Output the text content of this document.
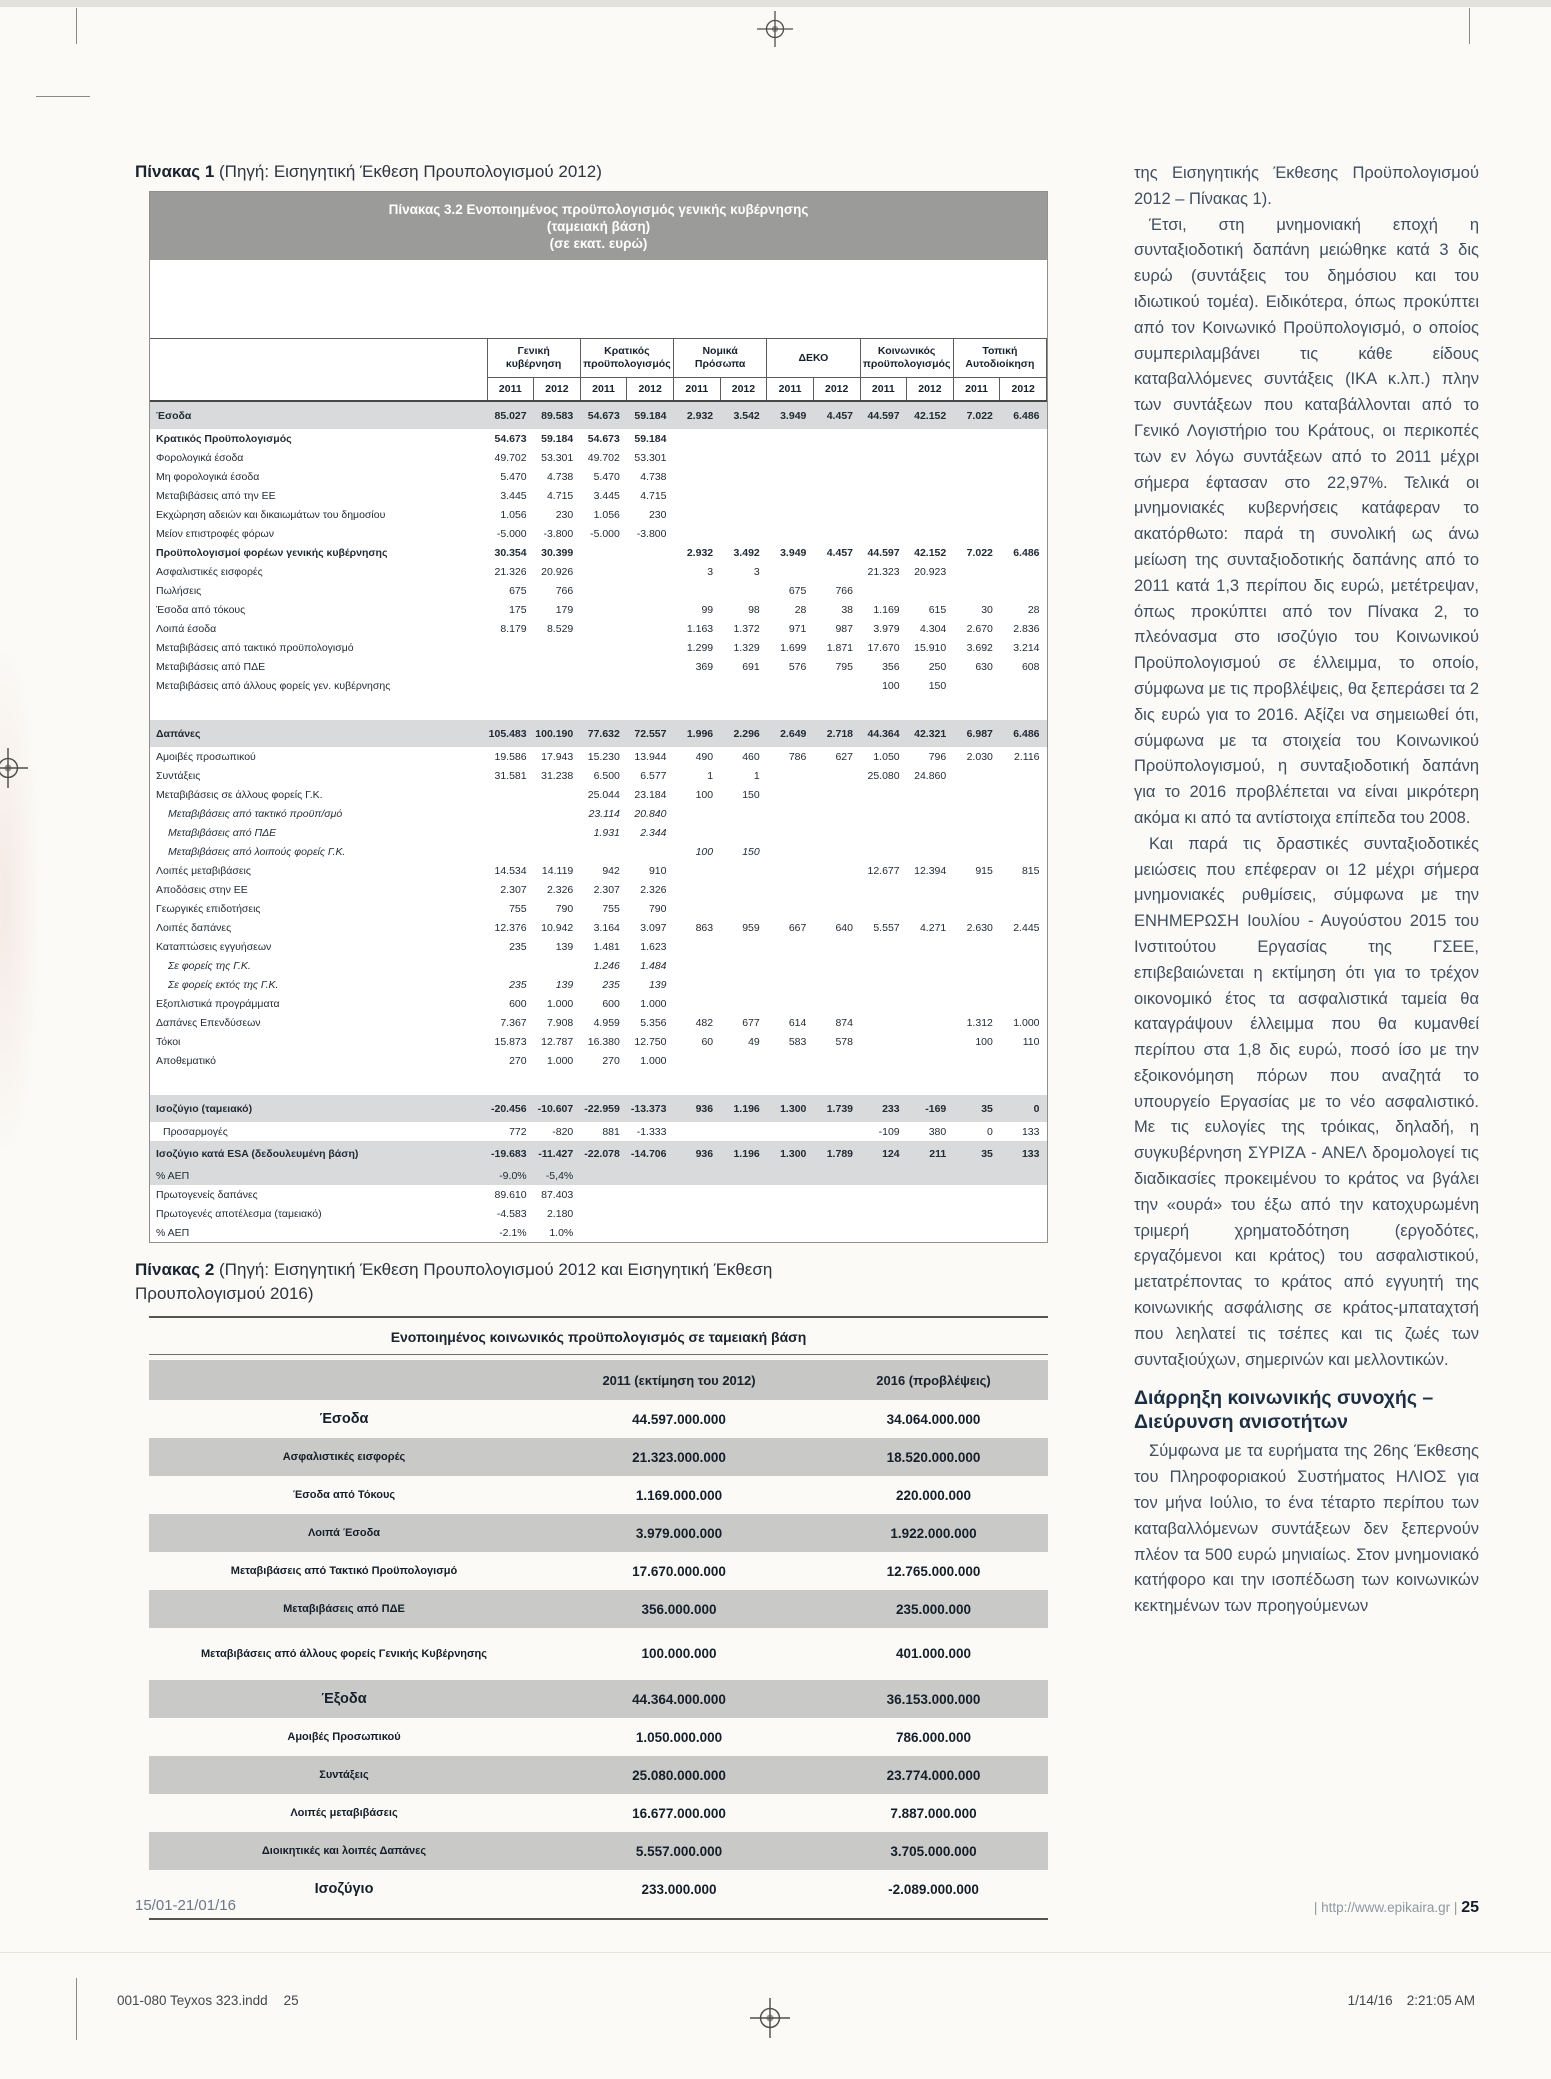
Πίνακας 1 (Πηγή: Εισηγητική Έκθεση Προυπολογισμού 2012)
Πίνακας 3.2 Ενοποιημένος προϋπολογισμός γενικής κυβέρνησης
(ταμειακή βάση)
(σε εκατ. ευρώ)
	Γενική κυβέρνηση		Κρατικός προϋπολογισμός		Νομικά Πρόσωπα		ΔΕΚΟ		Κοινωνικός προϋπολογισμός		Τοπική Αυτοδιοίκηση	
	2011	2012	2011	2012	2011	2012	2011	2012	2011	2012	2011	2012
Έσοδα	85.027	89.583	54.673	59.184	2.932	3.542	3.949	4.457	44.597	42.152	7.022	6.486
Κρατικός Προϋπολογισμός	54.673	59.184	54.673	59.184								
Φορολογικά έσοδα	49.702	53.301	49.702	53.301								
Μη φορολογικά έσοδα	5.470	4.738	5.470	4.738								
Μεταβιβάσεις από την ΕΕ	3.445	4.715	3.445	4.715								
Εκχώρηση αδειών και δικαιωμάτων του δημοσίου	1.056	230	1.056	230								
Μείον επιστροφές φόρων	-5.000	-3.800	-5.000	-3.800								
Προϋπολογισμοί φορέων γενικής κυβέρνησης	30.354	30.399			2.932	3.492	3.949	4.457	44.597	42.152	7.022	6.486
Ασφαλιστικές εισφορές	21.326	20.926			3	3			21.323	20.923		
Πωλήσεις	675	766					675	766				
Έσοδα από τόκους	175	179			99	98	28	38	1.169	615	30	28
Λοιπά έσοδα	8.179	8.529			1.163	1.372	971	987	3.979	4.304	2.670	2.836
Μεταβιβάσεις από τακτικό προϋπολογισμό					1.299	1.329	1.699	1.871	17.670	15.910	3.692	3.214
Μεταβιβάσεις από ΠΔΕ					369	691	576	795	356	250	630	608
Μεταβιβάσεις από άλλους φορείς γεν. κυβέρνησης									100	150		

Δαπάνες	105.483	100.190	77.632	72.557	1.996	2.296	2.649	2.718	44.364	42.321	6.987	6.486
Αμοιβές προσωπικού	19.586	17.943	15.230	13.944	490	460	786	627	1.050	796	2.030	2.116
Συντάξεις	31.581	31.238	6.500	6.577	1	1			25.080	24.860		
Μεταβιβάσεις σε άλλους φορείς Γ.Κ.			25.044	23.184	100	150						
Μεταβιβάσεις από τακτικό προϋπ/σμό			23.114	20.840								
Μεταβιβάσεις από ΠΔΕ			1.931	2.344								
Μεταβιβάσεις από λοιπούς φορείς Γ.Κ.					100	150						
Λοιπές μεταβιβάσεις	14.534	14.119	942	910					12.677	12.394	915	815
Αποδόσεις στην ΕΕ	2.307	2.326	2.307	2.326								
Γεωργικές επιδοτήσεις	755	790	755	790								
Λοιπές δαπάνες	12.376	10.942	3.164	3.097	863	959	667	640	5.557	4.271	2.630	2.445
Καταπτώσεις εγγυήσεων	235	139	1.481	1.623								
Σε φορείς της Γ.Κ.			1.246	1.484								
Σε φορείς εκτός της Γ.Κ.	235	139	235	139								
Εξοπλιστικά προγράμματα	600	1.000	600	1.000								
Δαπάνες Επενδύσεων	7.367	7.908	4.959	5.356	482	677	614	874			1.312	1.000
Τόκοι	15.873	12.787	16.380	12.750	60	49	583	578			100	110
Αποθεματικό	270	1.000	270	1.000								

Ισοζύγιο (ταμειακό)	-20.456	-10.607	-22.959	-13.373	936	1.196	1.300	1.739	233	-169	35	0
Προσαρμογές	772	-820	881	-1.333					-109	380	0	133
Ισοζύγιο κατά ESA (δεδουλευμένη βάση)	-19.683	-11.427	-22.078	-14.706	936	1.196	1.300	1.789	124	211	35	133
% ΑΕΠ	-9.0%	-5,4%										
Πρωτογενείς δαπάνες	89.610	87.403										
Πρωτογενές αποτέλεσμα (ταμειακό)	-4.583	2.180										
% ΑΕΠ	-2.1%	1.0%										
Πίνακας 2 (Πηγή: Εισηγητική Έκθεση Προυπολογισμού 2012 και Εισηγητική Έκθεση
Προυπολογισμού 2016)
Ενοποιημένος κοινωνικός προϋπολογισμός σε ταμειακή βάση
	2011 (εκτίμηση του 2012)	2016 (προβλέψεις)
Έσοδα	44.597.000.000	34.064.000.000
Ασφαλιστικές εισφορές	21.323.000.000	18.520.000.000
Έσοδα από Τόκους	1.169.000.000	220.000.000
Λοιπά Έσοδα	3.979.000.000	1.922.000.000
Μεταβιβάσεις από Τακτικό Προϋπολογισμό	17.670.000.000	12.765.000.000
Μεταβιβάσεις από ΠΔΕ	356.000.000	235.000.000
Μεταβιβάσεις από άλλους φορείς Γενικής Κυβέρνησης	100.000.000	401.000.000
Έξοδα	44.364.000.000	36.153.000.000
Αμοιβές Προσωπικού	1.050.000.000	786.000.000
Συντάξεις	25.080.000.000	23.774.000.000
Λοιπές μεταβιβάσεις	16.677.000.000	7.887.000.000
Διοικητικές και λοιπές Δαπάνες	5.557.000.000	3.705.000.000
Ισοζύγιο	233.000.000	-2.089.000.000

της Εισηγητικής Έκθεσης Προϋπολογισμού 2012 – Πίνακας 1).

Έτσι, στη μνημονιακή εποχή η συνταξιοδοτική δαπάνη μειώθηκε κατά 3 δις ευρώ (συντάξεις του δημόσιου και του ιδιωτικού τομέα). Ειδικότερα, όπως προκύπτει από τον Κοινωνικό Προϋπολογισμό, ο οποίος συμπεριλαμβάνει τις κάθε είδους καταβαλλόμενες συντάξεις (ΙΚΑ κ.λπ.) πλην των συντάξεων που καταβάλλονται από το Γενικό Λογιστήριο του Κράτους, οι περικοπές των εν λόγω συντάξεων από το 2011 μέχρι σήμερα έφτασαν στο 22,97%. Τελικά οι μνημονιακές κυβερνήσεις κατάφεραν το ακατόρθωτο: παρά τη συνολική ως άνω μείωση της συνταξιοδοτικής δαπάνης από το 2011 κατά 1,3 περίπου δις ευρώ, μετέτρεψαν, όπως προκύπτει από τον Πίνακα 2, το πλεόνασμα στο ισοζύγιο του Κοινωνικού Προϋπολογισμού σε έλλειμμα, το οποίο, σύμφωνα με τις προβλέψεις, θα ξεπεράσει τα 2 δις ευρώ για το 2016. Αξίζει να σημειωθεί ότι, σύμφωνα με τα στοιχεία του Κοινωνικού Προϋπολογισμού, η συνταξιοδοτική δαπάνη για το 2016 προβλέπεται να είναι μικρότερη ακόμα κι από τα αντίστοιχα επίπεδα του 2008.

Και παρά τις δραστικές συνταξιοδοτικές μειώσεις που επέφεραν οι 12 μέχρι σήμερα μνημονιακές ρυθμίσεις, σύμφωνα με την ΕΝΗΜΕΡΩΣΗ Ιουλίου - Αυγούστου 2015 του Ινστιτούτου Εργασίας της ΓΣΕΕ, επιβεβαιώνεται η εκτίμηση ότι για το τρέχον οικονομικό έτος τα ασφαλιστικά ταμεία θα καταγράψουν έλλειμμα που θα κυμανθεί περίπου στα 1,8 δις ευρώ, ποσό ίσο με την εξοικονόμηση πόρων που αναζητά το υπουργείο Εργασίας με το νέο ασφαλιστικό. Με τις ευλογίες της τρόικας, δηλαδή, η συγκυβέρνηση ΣΥΡΙΖΑ - ΑΝΕΛ δρομολογεί τις διαδικασίες προκειμένου το κράτος να βγάλει την «ουρά» του έξω από την κατοχυρωμένη τριμερή χρηματοδότηση (εργοδότες, εργαζόμενοι και κράτος) του ασφαλιστικού, μετατρέποντας το κράτος από εγγυητή της κοινωνικής ασφάλισης σε κράτος-μπαταχτσή που λεηλατεί τις τσέπες και τις ζωές των συνταξιούχων, σημερινών και μελλοντικών.

Διάρρηξη κοινωνικής συνοχής – Διεύρυνση ανισοτήτων

Σύμφωνα με τα ευρήματα της 26ης Έκθεσης του Πληροφοριακού Συστήματος ΗΛΙΟΣ για τον μήνα Ιούλιο, το ένα τέταρτο περίπου των καταβαλλόμενων συντάξεων δεν ξεπερνούν πλέον τα 500 ευρώ μηνιαίως. Στον μνημονιακό κατήφορο και την ισοπέδωση των κοινωνικών κεκτημένων των προηγούμενων

15/01-21/01/16	| http://www.epikaira.gr | 25
001-080 Teyxos 323.indd 25	1/14/16 2:21:05 AM
